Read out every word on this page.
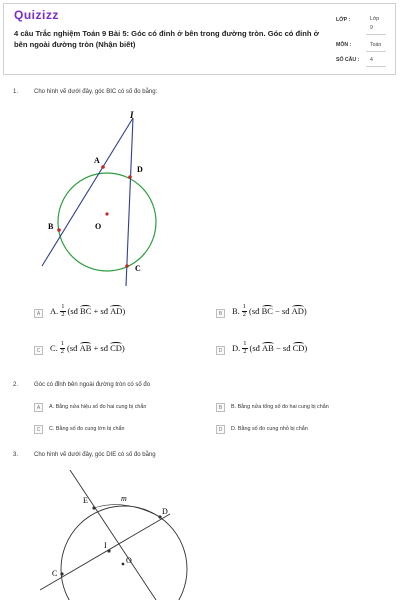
Quizizz
4 câu Trắc nghiệm Toán 9 Bài 5: Góc có đỉnh ở bên trong đường tròn. Góc có đỉnh ở bên ngoài đường tròn (Nhận biết)
LỚP :	Lớp
9
MÔN :	Toán
SỐ CÂU : 4
1.	Cho hình vẽ dưới đây, góc BIC có số đo bằng:
I
A
D
B	O
C
A	A. $\frac{1}{2}$ (sđ
BC
+ sđ
AD )	B	B. $\frac{1}{2}$ (sđ
BC
− sđ
AD )
C	C. $\frac{1}{2}$ (sđ
AB
+ sđ
CD )	D	D. $\frac{1}{2}$ (sđ
AB
− sđ
CD )
2.	Góc có đỉnh bên ngoài đường tròn có số đo
A	A. Bằng nửa hiệu số đo hai cung bị chắn	B	B. Bằng nửa tổng số đo hai cung bị chắn
C	C. Bằng số đo cung lớn bị chắn	D	D. Bằng số đo cung nhỏ bị chắn
3.	Cho hình vẽ dưới đây, góc DIE có số đo bằng
E	m
D
I
O
C
